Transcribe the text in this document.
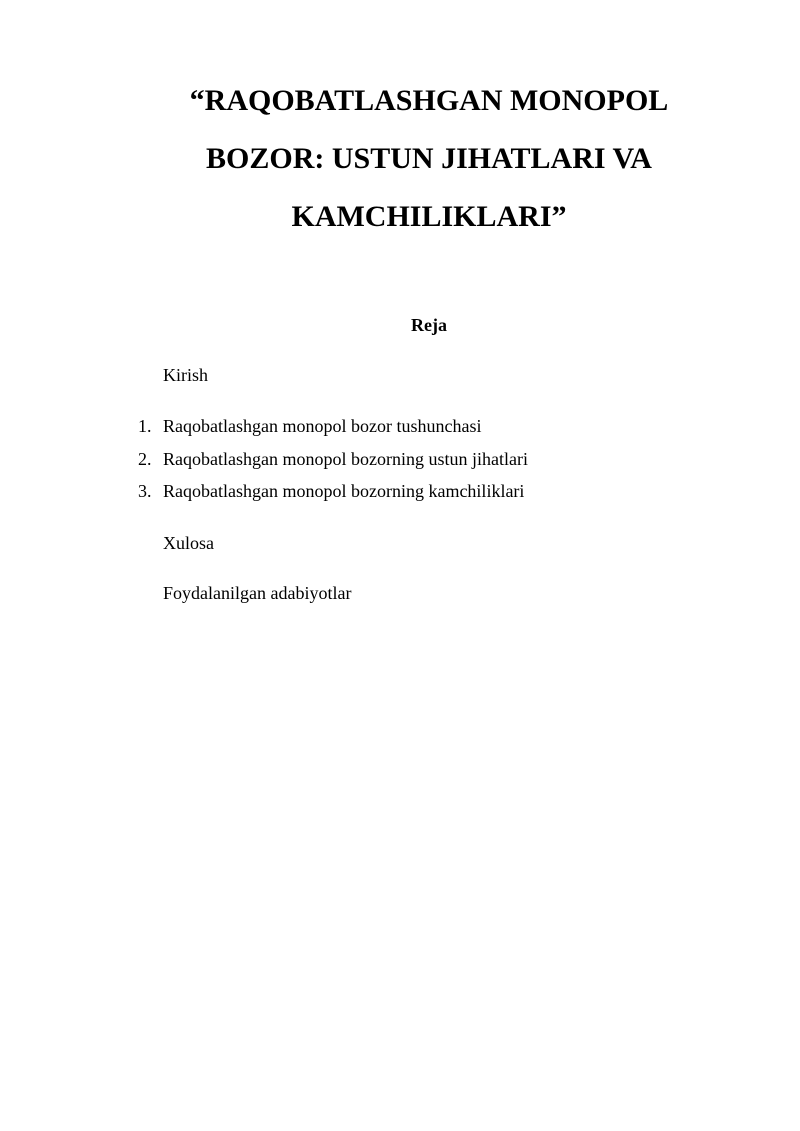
“RAQOBATLASHGAN MONOPOL
BOZOR: USTUN JIHATLARI VA
KAMCHILIKLARI”
Reja

Kirish

1. Raqobatlashgan monopol bozor tushunchasi
2. Raqobatlashgan monopol bozorning ustun jihatlari
3. Raqobatlashgan monopol bozorning kamchiliklari

Xulosa

Foydalanilgan adabiyotlar
